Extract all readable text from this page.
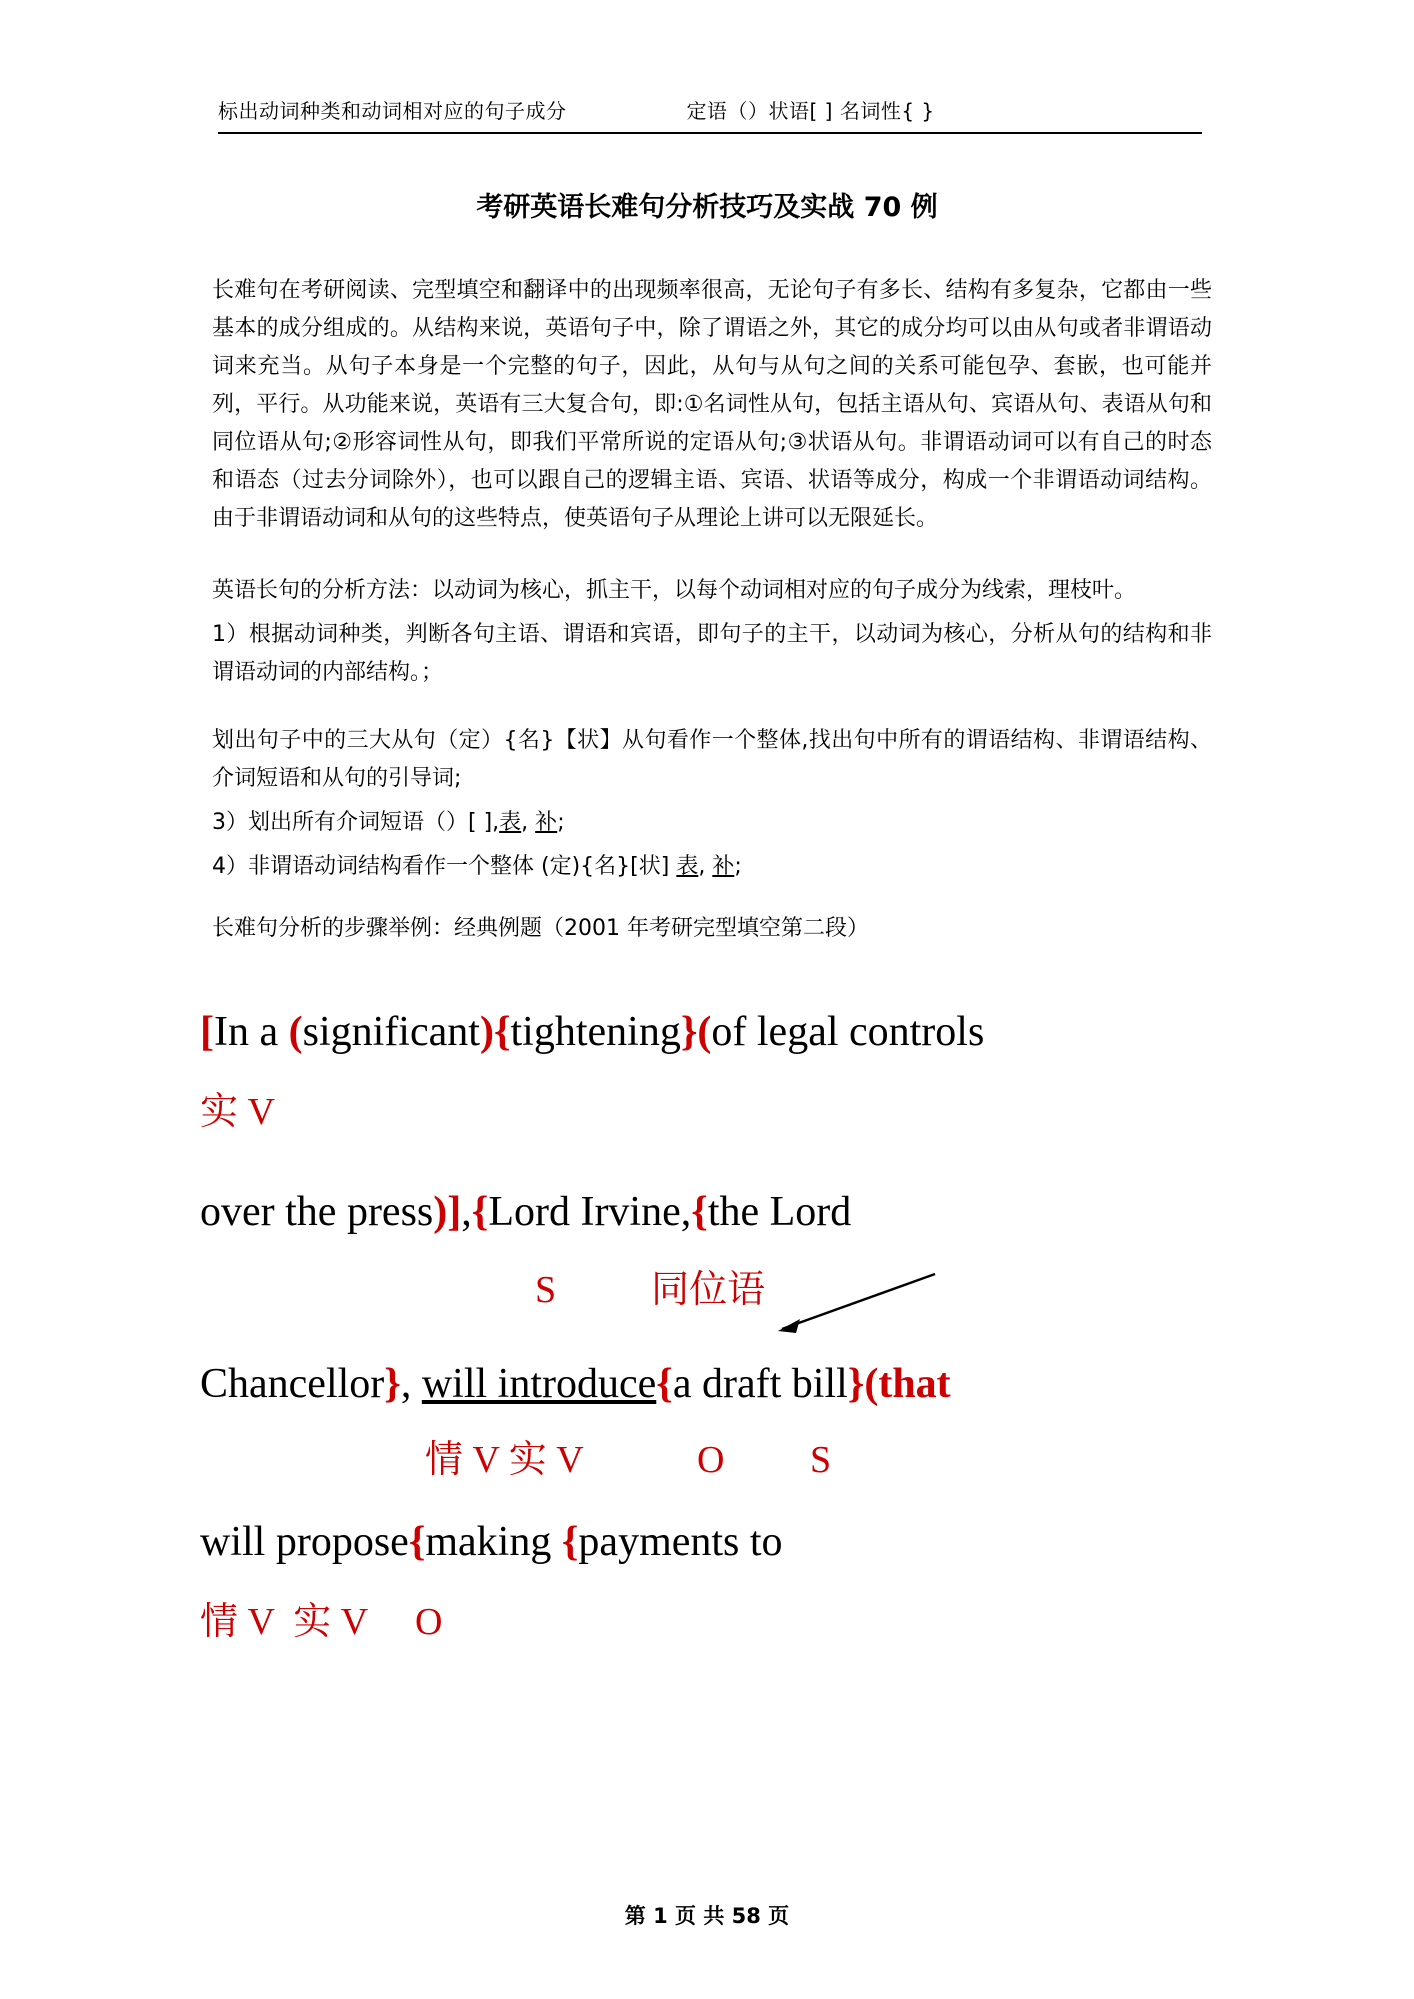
标出动词种类和动词相对应的句子成分	定语（）状语[ ] 名词性{ }
考研英语长难句分析技巧及实战 70 例

长难句在考研阅读、完型填空和翻译中的出现频率很高，无论句子有多长、结构有多复杂，它都由一些基本的成分组成的。从结构来说，英语句子中，除了谓语之外，其它的成分均可以由从句或者非谓语动词来充当。从句子本身是一个完整的句子，因此，从句与从句之间的关系可能包孕、套嵌，也可能并列，平行。从功能来说，英语有三大复合句，即:①名词性从句，包括主语从句、宾语从句、表语从句和同位语从句;②形容词性从句，即我们平常所说的定语从句;③状语从句。非谓语动词可以有自己的时态和语态（过去分词除外），也可以跟自己的逻辑主语、宾语、状语等成分，构成一个非谓语动词结构。由于非谓语动词和从句的这些特点，使英语句子从理论上讲可以无限延长。

英语长句的分析方法：以动词为核心，抓主干，以每个动词相对应的句子成分为线索，理枝叶。

1）根据动词种类，判断各句主语、谓语和宾语，即句子的主干，以动词为核心，分析从句的结构和非谓语动词的内部结构。；

划出句子中的三大从句（定）{名}【状】从句看作一个整体,找出句中所有的谓语结构、非谓语结构、介词短语和从句的引导词;

3）划出所有介词短语（）[ ],表, 补;

4）非谓语动词结构看作一个整体 (定){名}[状] 表, 补;

长难句分析的步骤举例：经典例题（2001 年考研完型填空第二段）

[In a (significant){tightening}(of legal controls
实 V
over the press)],{Lord Irvine,{the Lord
S          同位语
Chancellor}, will introduce{a draft bill}(that
情 V 实 V            O         S
will propose{making {payments to
情 V  实 V     O
第 1 页 共 58 页
